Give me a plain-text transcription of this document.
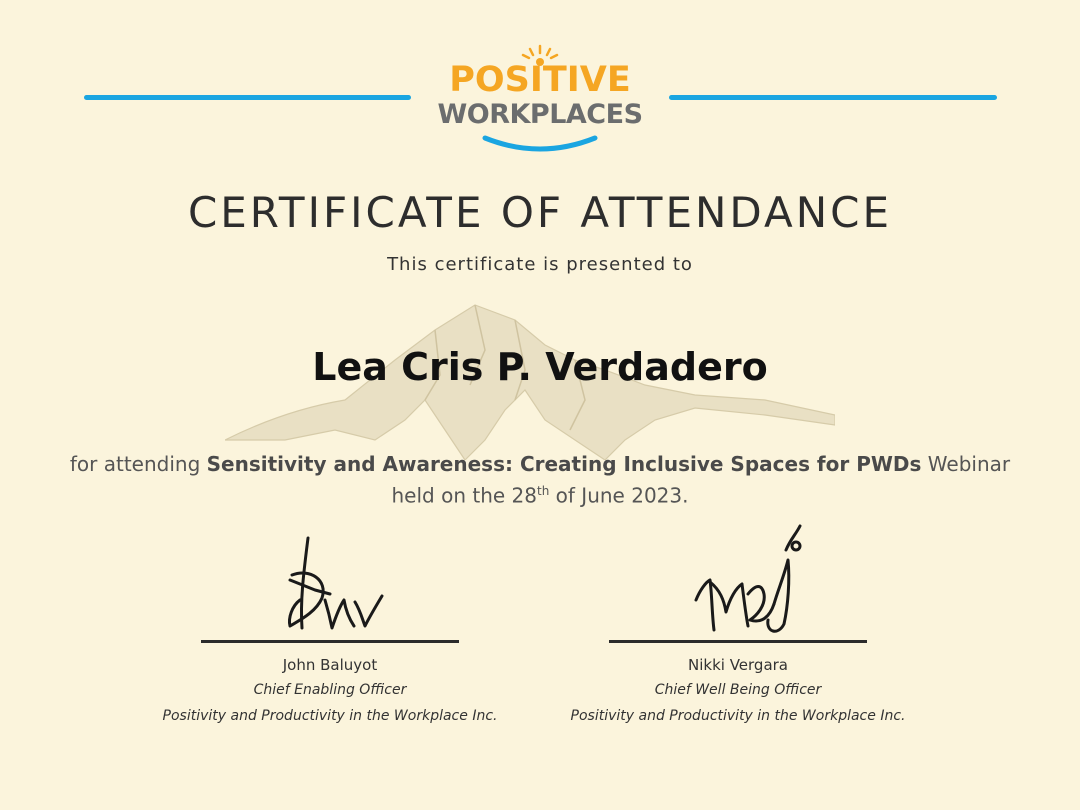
POSITIVE
WORKPLACES
CERTIFICATE OF ATTENDANCE
This certificate is presented to
Lea Cris P. Verdadero
for attending Sensitivity and Awareness: Creating Inclusive Spaces for PWDs Webinar
held on the 28th of June 2023.
John Baluyot
Chief Enabling Officer
Positivity and Productivity in the Workplace Inc.
Nikki Vergara
Chief Well Being Officer
Positivity and Productivity in the Workplace Inc.
